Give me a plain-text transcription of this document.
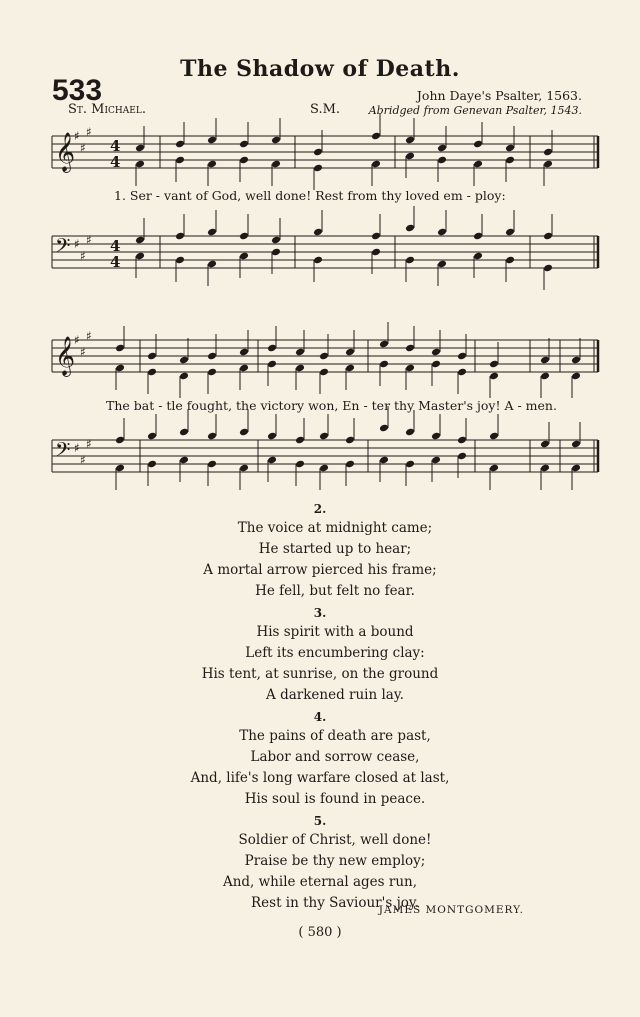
The Shadow of Death.
533
St. Michael.	S.M.
John Daye's Psalter, 1563.
Abridged from Genevan Psalter, 1543.
𝄞
♯
♯
♯
𝄢 ♯
♯
♯
4
4
4
4
𝄞
♯
♯
♯
𝄢 ♯
♯
♯
1. Ser - vant of God, well done! Rest from thy loved em - ploy:
The bat - tle fought, the victory won, En - ter thy Master's joy! A - men.
2.
The voice at midnight came;
He started up to hear;
A mortal arrow pierced his frame;
He fell, but felt no fear.
3.
His spirit with a bound
Left its encumbering clay:
His tent, at sunrise, on the ground
A darkened ruin lay.
4.
The pains of death are past,
Labor and sorrow cease,
And, life's long warfare closed at last,
His soul is found in peace.
5.
Soldier of Christ, well done!
Praise be thy new employ;
And, while eternal ages run,
Rest in thy Saviour's joy.
JAMES MONTGOMERY.
( 580 )
